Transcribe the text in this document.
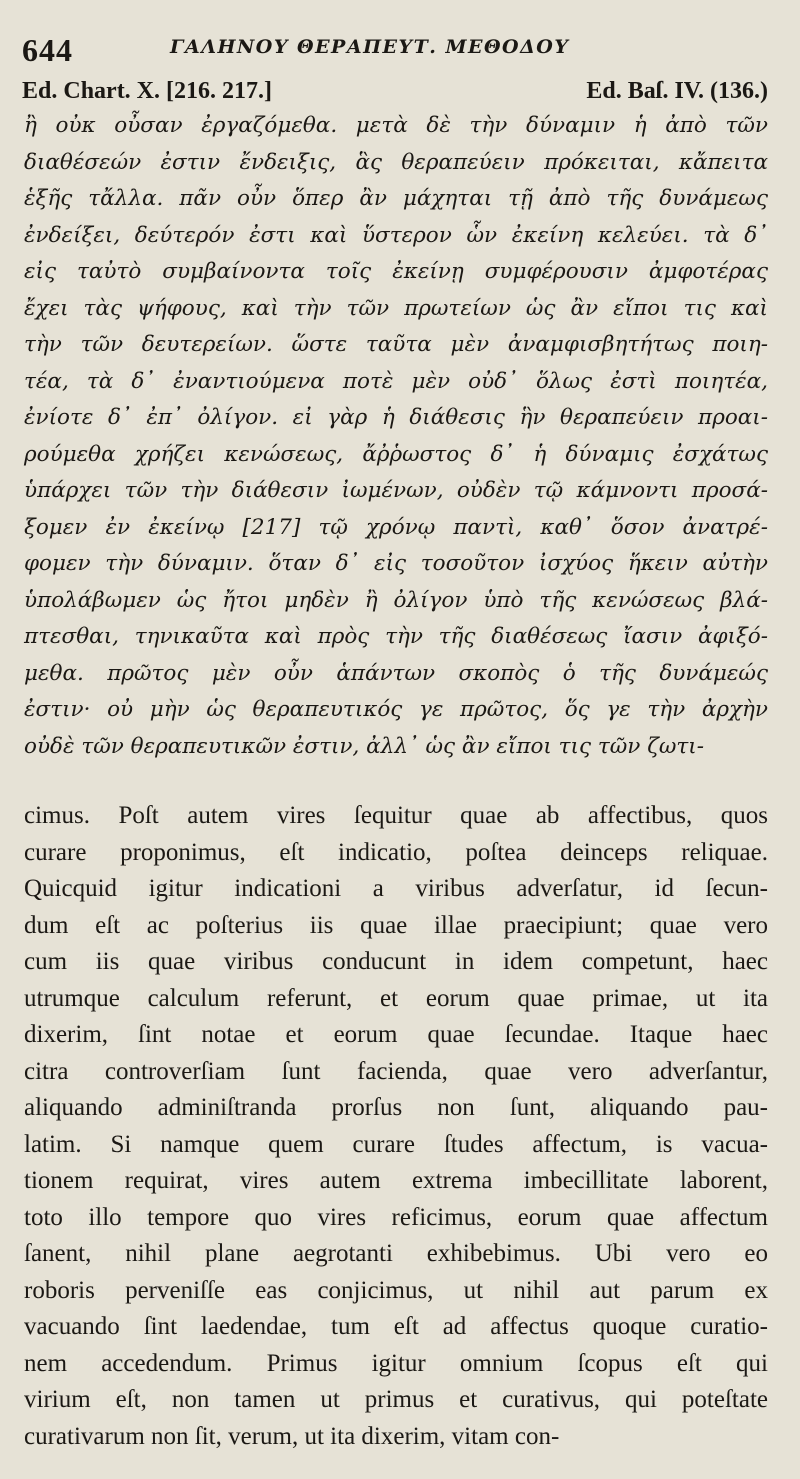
644	ΓΑΛΗΝΟΥ ΘΕΡΑΠΕΥΤ. ΜΕΘΟΔΟΥ
Ed. Chart. X. [216. 217.]	Ed. Baſ. IV. (136.)
ἢ οὐκ οὖσαν ἐργαζόμεθα. μετὰ δὲ τὴν δύναμιν ἡ ἀπὸ τῶν
διαθέσεών ἐστιν ἔνδειξις, ἃς θεραπεύειν πρόκειται, κἄπειτα
ἑξῆς τἄλλα. πᾶν οὖν ὅπερ ἂν μάχηται τῇ ἀπὸ τῆς δυνάμεως
ἐνδείξει, δεύτερόν ἐστι καὶ ὕστερον ὧν ἐκείνη κελεύει. τὰ δ᾽
εἰς ταὐτὸ συμβαίνοντα τοῖς ἐκείνῃ συμφέρουσιν ἀμφοτέρας
ἔχει τὰς ψήφους, καὶ τὴν τῶν πρωτείων ὡς ἂν εἴποι τις καὶ
τὴν τῶν δευτερείων. ὥστε ταῦτα μὲν ἀναμφισβητήτως ποιη-
τέα, τὰ δ᾽ ἐναντιούμενα ποτὲ μὲν οὐδ᾽ ὅλως ἐστὶ ποιητέα,
ἐνίοτε δ᾽ ἐπ᾽ ὀλίγον. εἰ γὰρ ἡ διάθεσις ἣν θεραπεύειν προαι-
ρούμεθα χρήζει κενώσεως, ἄῤῥωστος δ᾽ ἡ δύναμις ἐσχάτως
ὑπάρχει τῶν τὴν διάθεσιν ἰωμένων, οὐδὲν τῷ κάμνοντι προσά-
ξομεν ἐν ἐκείνῳ [217] τῷ χρόνῳ παντὶ, καθ᾽ ὅσον ἀνατρέ-
φομεν τὴν δύναμιν. ὅταν δ᾽ εἰς τοσοῦτον ἰσχύος ἥκειν αὐτὴν
ὑπολάβωμεν ὡς ἤτοι μηδὲν ἢ ὀλίγον ὑπὸ τῆς κενώσεως βλά-
πτεσθαι, τηνικαῦτα καὶ πρὸς τὴν τῆς διαθέσεως ἴασιν ἀφιξό-
μεθα. πρῶτος μὲν οὖν ἁπάντων σκοπὸς ὁ τῆς δυνάμεώς
ἐστιν· οὐ μὴν ὡς θεραπευτικός γε πρῶτος, ὅς γε τὴν ἀρχὴν
οὐδὲ τῶν θεραπευτικῶν ἐστιν, ἀλλ᾽ ὡς ἂν εἴποι τις τῶν ζωτι-
cimus. Poſt autem vires ſequitur quae ab affectibus, quos
curare proponimus, eſt indicatio, poſtea deinceps reliquae.
Quicquid igitur indicationi a viribus adverſatur, id ſecun-
dum eſt ac poſterius iis quae illae praecipiunt; quae vero
cum iis quae viribus conducunt in idem competunt, haec
utrumque calculum referunt, et eorum quae primae, ut ita
dixerim, ſint notae et eorum quae ſecundae. Itaque haec
citra controverſiam ſunt facienda, quae vero adverſantur,
aliquando adminiſtranda prorſus non ſunt, aliquando pau-
latim. Si namque quem curare ſtudes affectum, is vacua-
tionem requirat, vires autem extrema imbecillitate laborent,
toto illo tempore quo vires reficimus, eorum quae affectum
ſanent, nihil plane aegrotanti exhibebimus. Ubi vero eo
roboris perveniſſe eas conjicimus, ut nihil aut parum ex
vacuando ſint laedendae, tum eſt ad affectus quoque curatio-
nem accedendum. Primus igitur omnium ſcopus eſt qui
virium eſt, non tamen ut primus et curativus, qui poteſtate
curativarum non ſit, verum, ut ita dixerim, vitam con-
